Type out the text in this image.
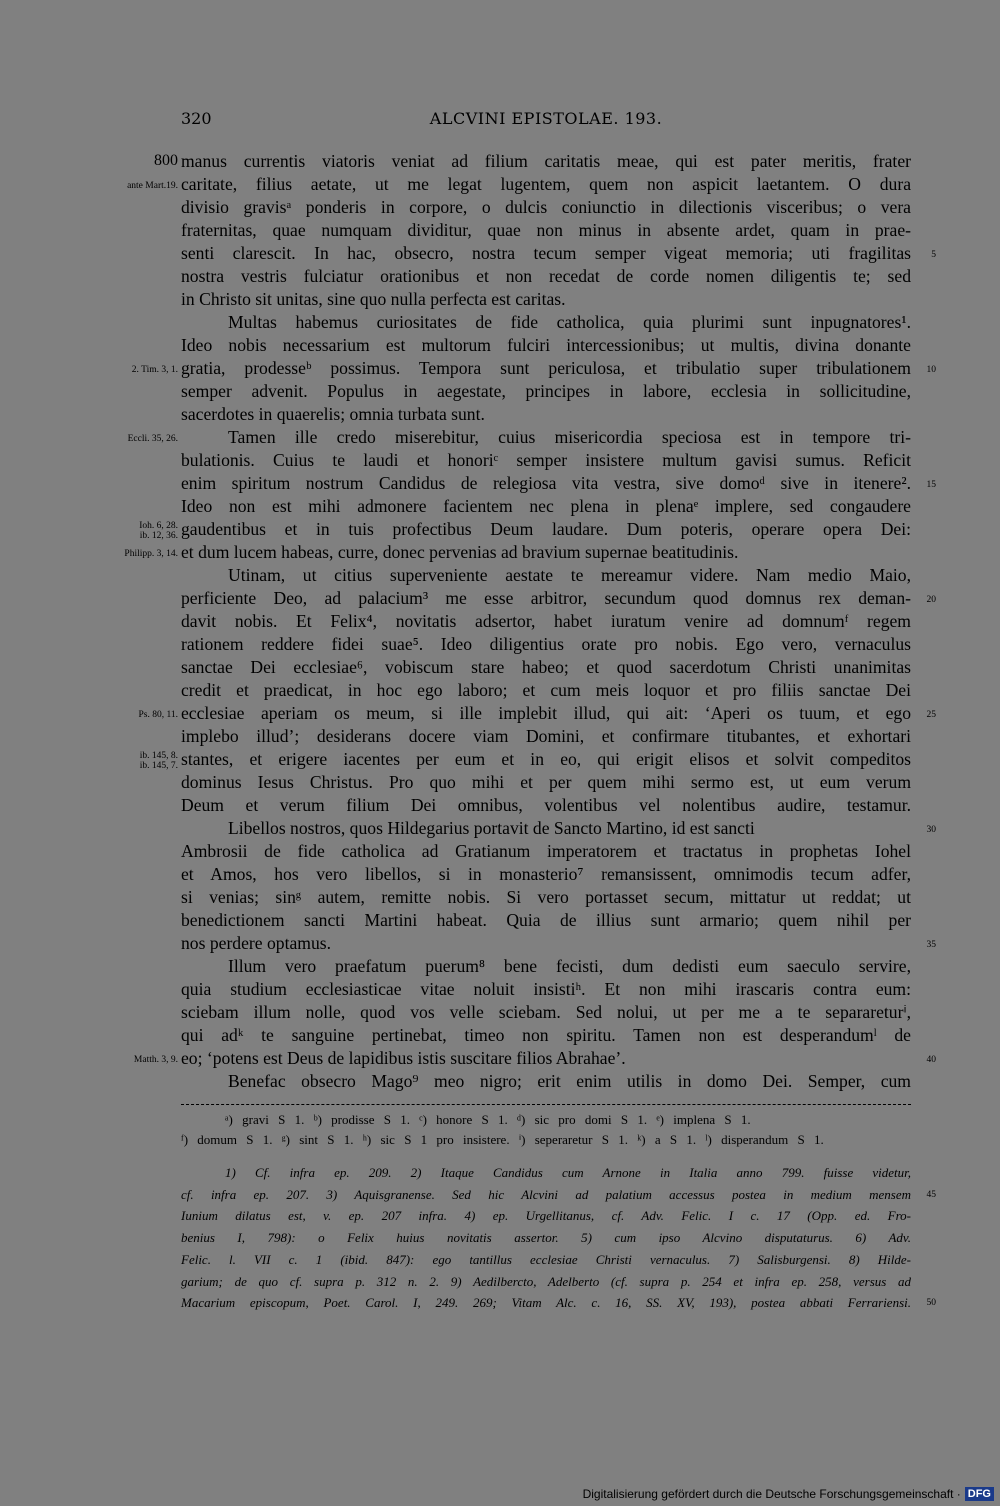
320	ALCVINI EPISTOLAE. 193.
manus currentis viatoris veniat ad filium caritatis meae, qui est pater meritis, frater
caritate, filius aetate, ut me legat lugentem, quem non aspicit laetantem. O dura
divisio gravisᵃ ponderis in corpore, o dulcis coniunctio in dilectionis visceribus; o vera
fraternitas, quae numquam dividitur, quae non minus in absente ardet, quam in prae-
senti clarescit. In hac, obsecro, nostra tecum semper vigeat memoria; uti fragilitas
nostra vestris fulciatur orationibus et non recedat de corde nomen diligentis te; sed
in Christo sit unitas, sine quo nulla perfecta est caritas.
Multas habemus curiositates de fide catholica, quia plurimi sunt inpugnatores¹.
Ideo nobis necessarium est multorum fulciri intercessionibus; ut multis, divina donante
gratia, prodesseᵇ possimus. Tempora sunt periculosa, et tribulatio super tribulationem
semper advenit. Populus in aegestate, principes in labore, ecclesia in sollicitudine,
sacerdotes in quaerelis; omnia turbata sunt.
Tamen ille credo miserebitur, cuius misericordia speciosa est in tempore tri-
bulationis. Cuius te laudi et honoriᶜ semper insistere multum gavisi sumus. Reficit
enim spiritum nostrum Candidus de relegiosa vita vestra, sive domoᵈ sive in itenere².
Ideo non est mihi admonere facientem nec plena in plenaᵉ implere, sed congaudere
gaudentibus et in tuis profectibus Deum laudare. Dum poteris, operare opera Dei:
et dum lucem habeas, curre, donec pervenias ad bravium supernae beatitudinis.
Utinam, ut citius superveniente aestate te mereamur videre. Nam medio Maio,
perficiente Deo, ad palacium³ me esse arbitror, secundum quod domnus rex deman-
davit nobis. Et Felix⁴, novitatis adsertor, habet iuratum venire ad domnumᶠ regem
rationem reddere fidei suae⁵. Ideo diligentius orate pro nobis. Ego vero, vernaculus
sanctae Dei ecclesiae⁶, vobiscum stare habeo; et quod sacerdotum Christi unanimitas
credit et praedicat, in hoc ego laboro; et cum meis loquor et pro filiis sanctae Dei
ecclesiae aperiam os meum, si ille implebit illud, qui ait: ‘Aperi os tuum, et ego
implebo illud’; desiderans docere viam Domini, et confirmare titubantes, et exhortari
stantes, et erigere iacentes per eum et in eo, qui erigit elisos et solvit compeditos
dominus Iesus Christus. Pro quo mihi et per quem mihi sermo est, ut eum verum
Deum et verum filium Dei omnibus, volentibus vel nolentibus audire, testamur.
Libellos nostros, quos Hildegarius portavit de Sancto Martino, id est sancti
Ambrosii de fide catholica ad Gratianum imperatorem et tractatus in prophetas Iohel
et Amos, hos vero libellos, si in monasterio⁷ remansissent, omnimodis tecum adfer,
si venias; sinᵍ autem, remitte nobis. Si vero portasset secum, mittatur ut reddat; ut
benedictionem sancti Martini habeat. Quia de illius sunt armario; quem nihil per
nos perdere optamus.
Illum vero praefatum puerum⁸ bene fecisti, dum dedisti eum saeculo servire,
quia studium ecclesiasticae vitae noluit insistiʰ. Et non mihi irascaris contra eum:
sciebam illum nolle, quod vos velle sciebam. Sed nolui, ut per me a te separareturⁱ,
qui adᵏ te sanguine pertinebat, timeo non spiritu. Tamen non est desperandumˡ de
eo; ‘potens est Deus de lapidibus istis suscitare filios Abrahae’.
Benefac obsecro Mago⁹ meo nigro; erit enim utilis in domo Dei. Semper, cum
800
ante Mart.19.
2. Tim. 3, 1.
Eccli. 35, 26.
Ioh. 6, 28.
ib. 12, 36.
Philipp. 3, 14.
Ps. 80, 11.
ib. 145, 8.
ib. 145, 7.
Matth. 3, 9.
5
10
15
20
25
30
35
40
ᵃ) gravi S 1. ᵇ) prodisse S 1. ᶜ) honore S 1. ᵈ) sic pro domi S 1. ᵉ) implena S 1.
ᶠ) domum S 1. ᵍ) sint S 1. ʰ) sic S 1 pro insistere. ⁱ) seperaretur S 1. ᵏ) a S 1. ˡ) disperandum S 1.
1) Cf. infra ep. 209. 2) Itaque Candidus cum Arnone in Italia anno 799. fuisse videtur,
cf. infra ep. 207. 3) Aquisgranense. Sed hic Alcvini ad palatium accessus postea in medium mensem
Iunium dilatus est, v. ep. 207 infra. 4) ep. Urgellitanus, cf. Adv. Felic. I c. 17 (Opp. ed. Fro-
benius I, 798): o Felix huius novitatis assertor. 5) cum ipso Alcvino disputaturus. 6) Adv.
Felic. l. VII c. 1 (ibid. 847): ego tantillus ecclesiae Christi vernaculus. 7) Salisburgensi. 8) Hilde-
garium; de quo cf. supra p. 312 n. 2. 9) Aedilbercto, Adelberto (cf. supra p. 254 et infra ep. 258, versus ad
Macarium episcopum, Poet. Carol. I, 249. 269; Vitam Alc. c. 16, SS. XV, 193), postea abbati Ferrariensi.
45
50
Digitalisierung gefördert durch die Deutsche Forschungsgemeinschaft · DFG
